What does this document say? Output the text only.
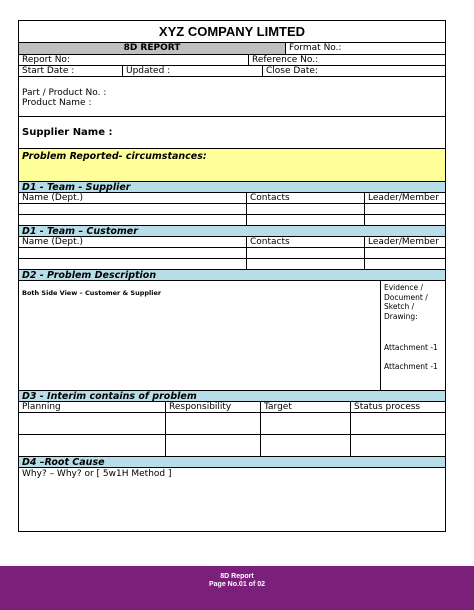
XYZ COMPANY LIMTED
8D REPORT	Format No.:
Report No:	Reference No.:
Start Date :	Updated :	Close Date:
Part / Product No. :
Product Name :
Supplier Name :
Problem Reported- circumstances:
D1 - Team - Supplier
Name (Dept.)	Contacts	Leader/Member
D1 - Team – Customer
Name (Dept.)	Contacts	Leader/Member
D2 - Problem Description
Both Side View – Customer & Supplier
Evidence /
Document /
Sketch /
Drawing:
Attachment -1
Attachment -1
D3 - Interim contains of problem
Planning	Responsibility	Target	Status process
D4 –Root Cause
Why? – Why? or [ 5w1H Method ]
8D Report
Page No.01 of 02
